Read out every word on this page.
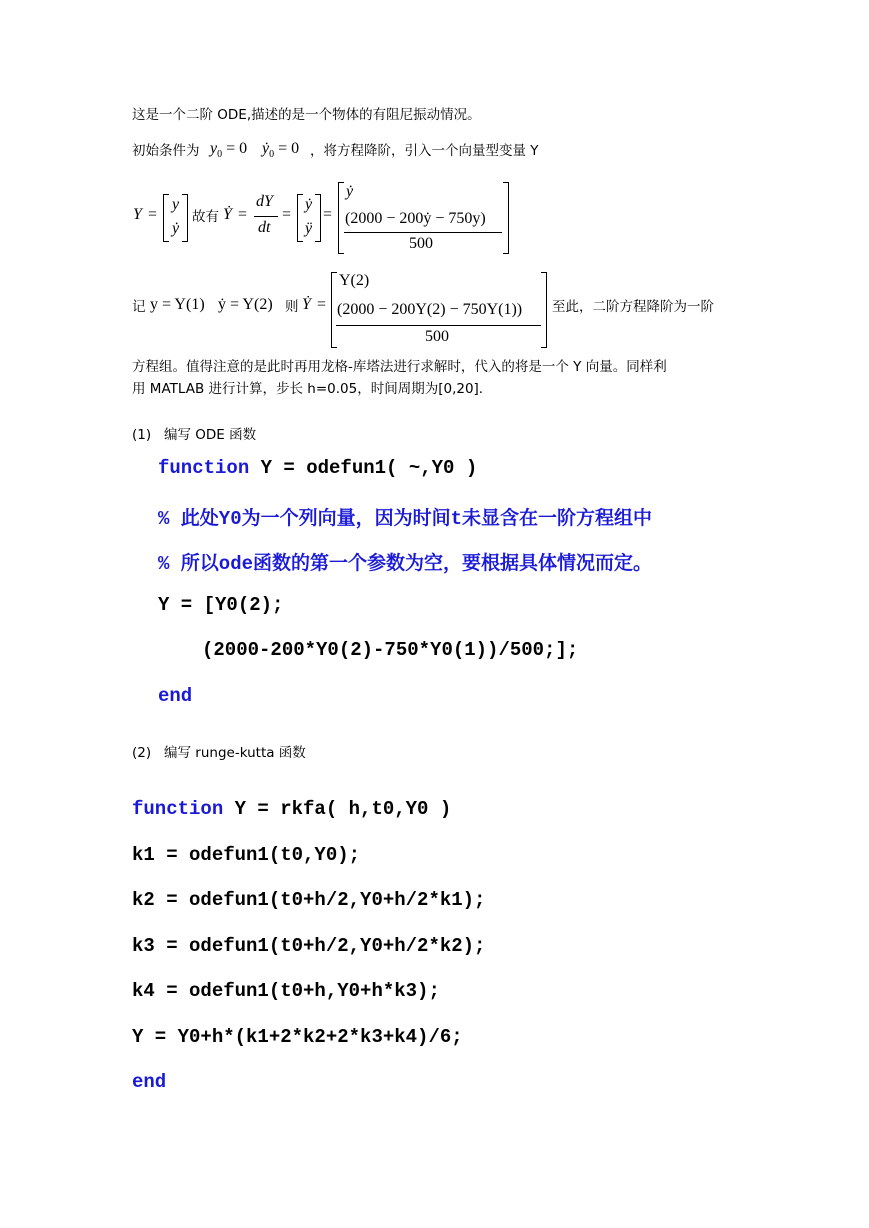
这是一个二阶 ODE,描述的是一个物体的有阻尼振动情况。
初始条件为 $y_0 = 0$ ẏ$_0$ = 0 ，将方程降阶，引入一个向量型变量 Y
Y =
y
ẏ
故有 Ẏ =
dY
dt
=
ẏ
ÿ
=
ẏ
(2000 − 200ẏ − 750y)
500
记 y = Y(1) ẏ = Y(2) 则 Ẏ =
Y(2)
(2000 − 200Y(2) − 750Y(1))
500
至此，二阶方程降阶为一阶
方程组。值得注意的是此时再用龙格-库塔法进行求解时，代入的将是一个 Y 向量。同样利
用 MATLAB 进行计算，步长 h=0.05，时间周期为[0,20].
(1) 编写 ODE 函数
function Y = odefun1( ~,Y0 )
% 此处Y0为一个列向量，因为时间t未显含在一阶方程组中
% 所以ode函数的第一个参数为空，要根据具体情况而定。
Y = [Y0(2);
(2000-200*Y0(2)-750*Y0(1))/500;];
end
(2) 编写 runge-kutta 函数
function Y = rkfa( h,t0,Y0 )
k1 = odefun1(t0,Y0);
k2 = odefun1(t0+h/2,Y0+h/2*k1);
k3 = odefun1(t0+h/2,Y0+h/2*k2);
k4 = odefun1(t0+h,Y0+h*k3);
Y = Y0+h*(k1+2*k2+2*k3+k4)/6;
end
